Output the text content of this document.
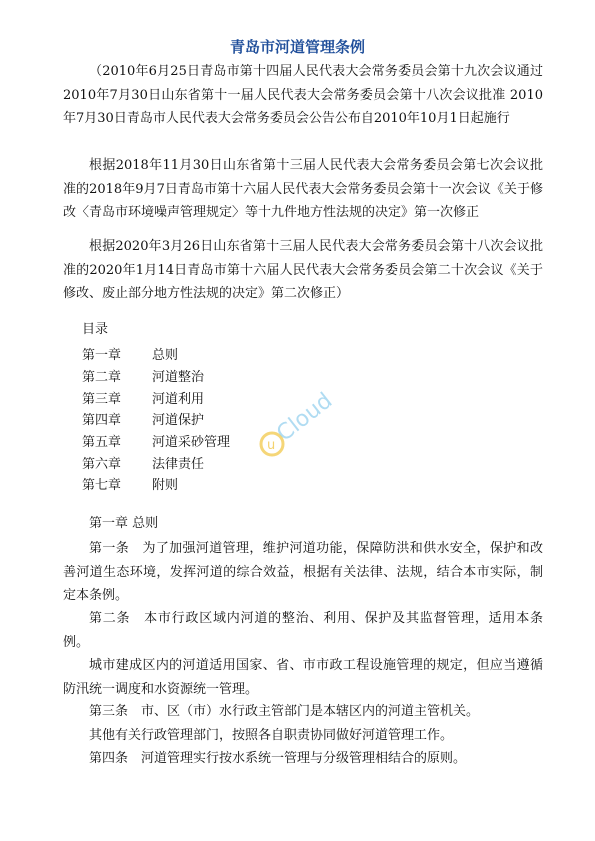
青岛市河道管理条例
（2010年6月25日青岛市第十四届人民代表大会常务委员会第十九次会议通过 2010年7月30日山东省第十一届人民代表大会常务委员会第十八次会议批准 2010年7月30日青岛市人民代表大会常务委员会公告公布自2010年10月1日起施行
根据2018年11月30日山东省第十三届人民代表大会常务委员会第七次会议批准的2018年9月7日青岛市第十六届人民代表大会常务委员会第十一次会议《关于修改〈青岛市环境噪声管理规定〉等十九件地方性法规的决定》第一次修正
根据2020年3月26日山东省第十三届人民代表大会常务委员会第十八次会议批准的2020年1月14日青岛市第十六届人民代表大会常务委员会第二十次会议《关于修改、废止部分地方性法规的决定》第二次修正）
目录
第一章 总则
第二章 河道整治
第三章 河道利用
第四章 河道保护
第五章 河道采砂管理
第六章 法律责任
第七章 附则
第一章 总则
第一条　为了加强河道管理，维护河道功能，保障防洪和供水安全，保护和改善河道生态环境，发挥河道的综合效益，根据有关法律、法规，结合本市实际，制定本条例。
第二条　本市行政区域内河道的整治、利用、保护及其监督管理，适用本条例。
城市建成区内的河道适用国家、省、市市政工程设施管理的规定，但应当遵循防汛统一调度和水资源统一管理。
第三条　市、区（市）水行政主管部门是本辖区内的河道主管机关。
其他有关行政管理部门，按照各自职责协同做好河道管理工作。
第四条　河道管理实行按水系统一管理与分级管理相结合的原则。
u
Cloud
